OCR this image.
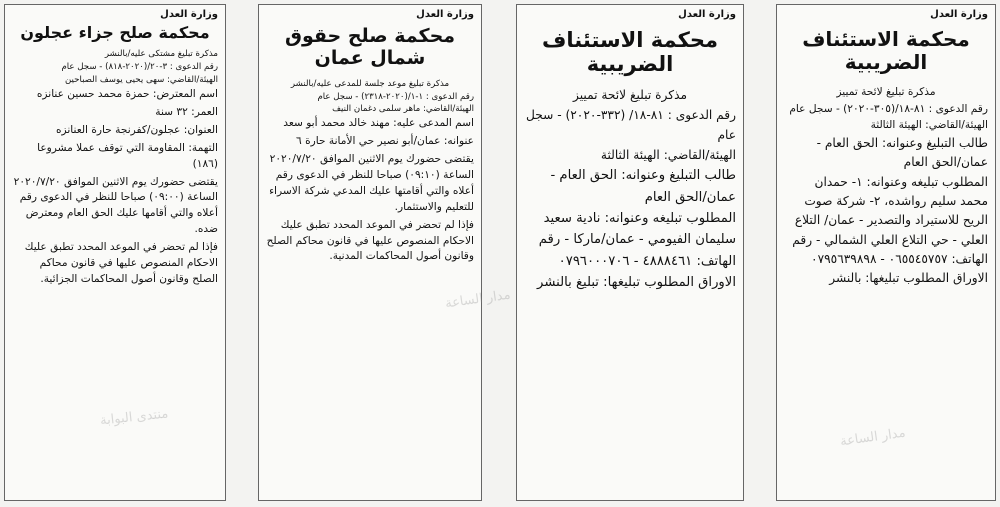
وزارة العدل
محكمة صلح جزاء عجلون

مذكرة تبليغ مشتكى عليه/بالنشر

رقم الدعوى : ٣-٢٠/(٢٠٢٠-٨١٨) - سجل عام

الهيئة/القاضي: سهى يحيى يوسف الصباحين

اسم المعترض: حمزة محمد حسين عنانزه

العمر: ٣٢ سنة

العنوان: عجلون/كفرنجة حارة العنانزه

التهمة: المقاومة التي توقف عملا مشروعا (١٨٦)

يقتضى حضورك يوم الاثنين الموافق ٢٠٢٠/٧/٢٠ الساعة (٠٩:٠٠) صباحا للنظر في الدعوى رقم أعلاه والتي أقامها عليك الحق العام ومعترض ضده.

فإذا لم تحضر في الموعد المحدد تطبق عليك الاحكام المنصوص عليها في قانون محاكم الصلح وقانون أصول المحاكمات الجزائية.

وزارة العدل
محكمة صلح حقوق شمال عمان

مذكرة تبليغ موعد جلسة للمدعى عليه/بالنشر

رقم الدعوى : ١-١/(٢٠٢٠-٢٣١٨) - سجل عام

الهيئة/القاضي: ماهر سلمى دغمان النيف

اسم المدعى عليه: مهند خالد محمد أبو سعد

عنوانه: عمان/أبو نصير حي الأمانة حارة ٦

يقتضى حضورك يوم الاثنين الموافق ٢٠٢٠/٧/٢٠ الساعة (٠٩:١٠) صباحا للنظر في الدعوى رقم أعلاه والتي أقامتها عليك المدعي شركة الاسراء للتعليم والاستثمار.

فإذا لم تحضر في الموعد المحدد تطبق عليك الاحكام المنصوص عليها في قانون محاكم الصلح وقانون أصول المحاكمات المدنية.

وزارة العدل
محكمة الاستئناف الضريبية

مذكرة تبليغ لائحة تمييز

رقم الدعوى : ٨١-١٨/ (٣٣٢-٢٠٢٠) - سجل عام

الهيئة/القاضي: الهيئة الثالثة

طالب التبليغ وعنوانه: الحق العام - عمان/الحق العام

المطلوب تبليغه وعنوانه: نادية سعيد سليمان الفيومي - عمان/ماركا - رقم الهاتف: ٤٨٨٨٤٦١ - ٠٧٩٦٠٠٠٧٠٦

الاوراق المطلوب تبليغها: تبليغ بالنشر

وزارة العدل
محكمة الاستئناف الضريبية

مذكرة تبليغ لائحة تمييز

رقم الدعوى : ٨١-١٨/(٣٠٥-٢٠٢٠) - سجل عام

الهيئة/القاضي: الهيئة الثالثة

طالب التبليغ وعنوانه: الحق العام - عمان/الحق العام

المطلوب تبليغه وعنوانه: ١- حمدان محمد سليم رواشده، ٢- شركة صوت الريح للاستيراد والتصدير - عمان/ التلاع العلي - حي التلاع العلي الشمالي - رقم الهاتف: ٠٦٥٥٤٥٧٥٧ - ٠٧٩٥٦٣٩٨٩٨

الاوراق المطلوب تبليغها: بالنشر

منتدى البوابة
مدار الساعة
مدار الساعة
